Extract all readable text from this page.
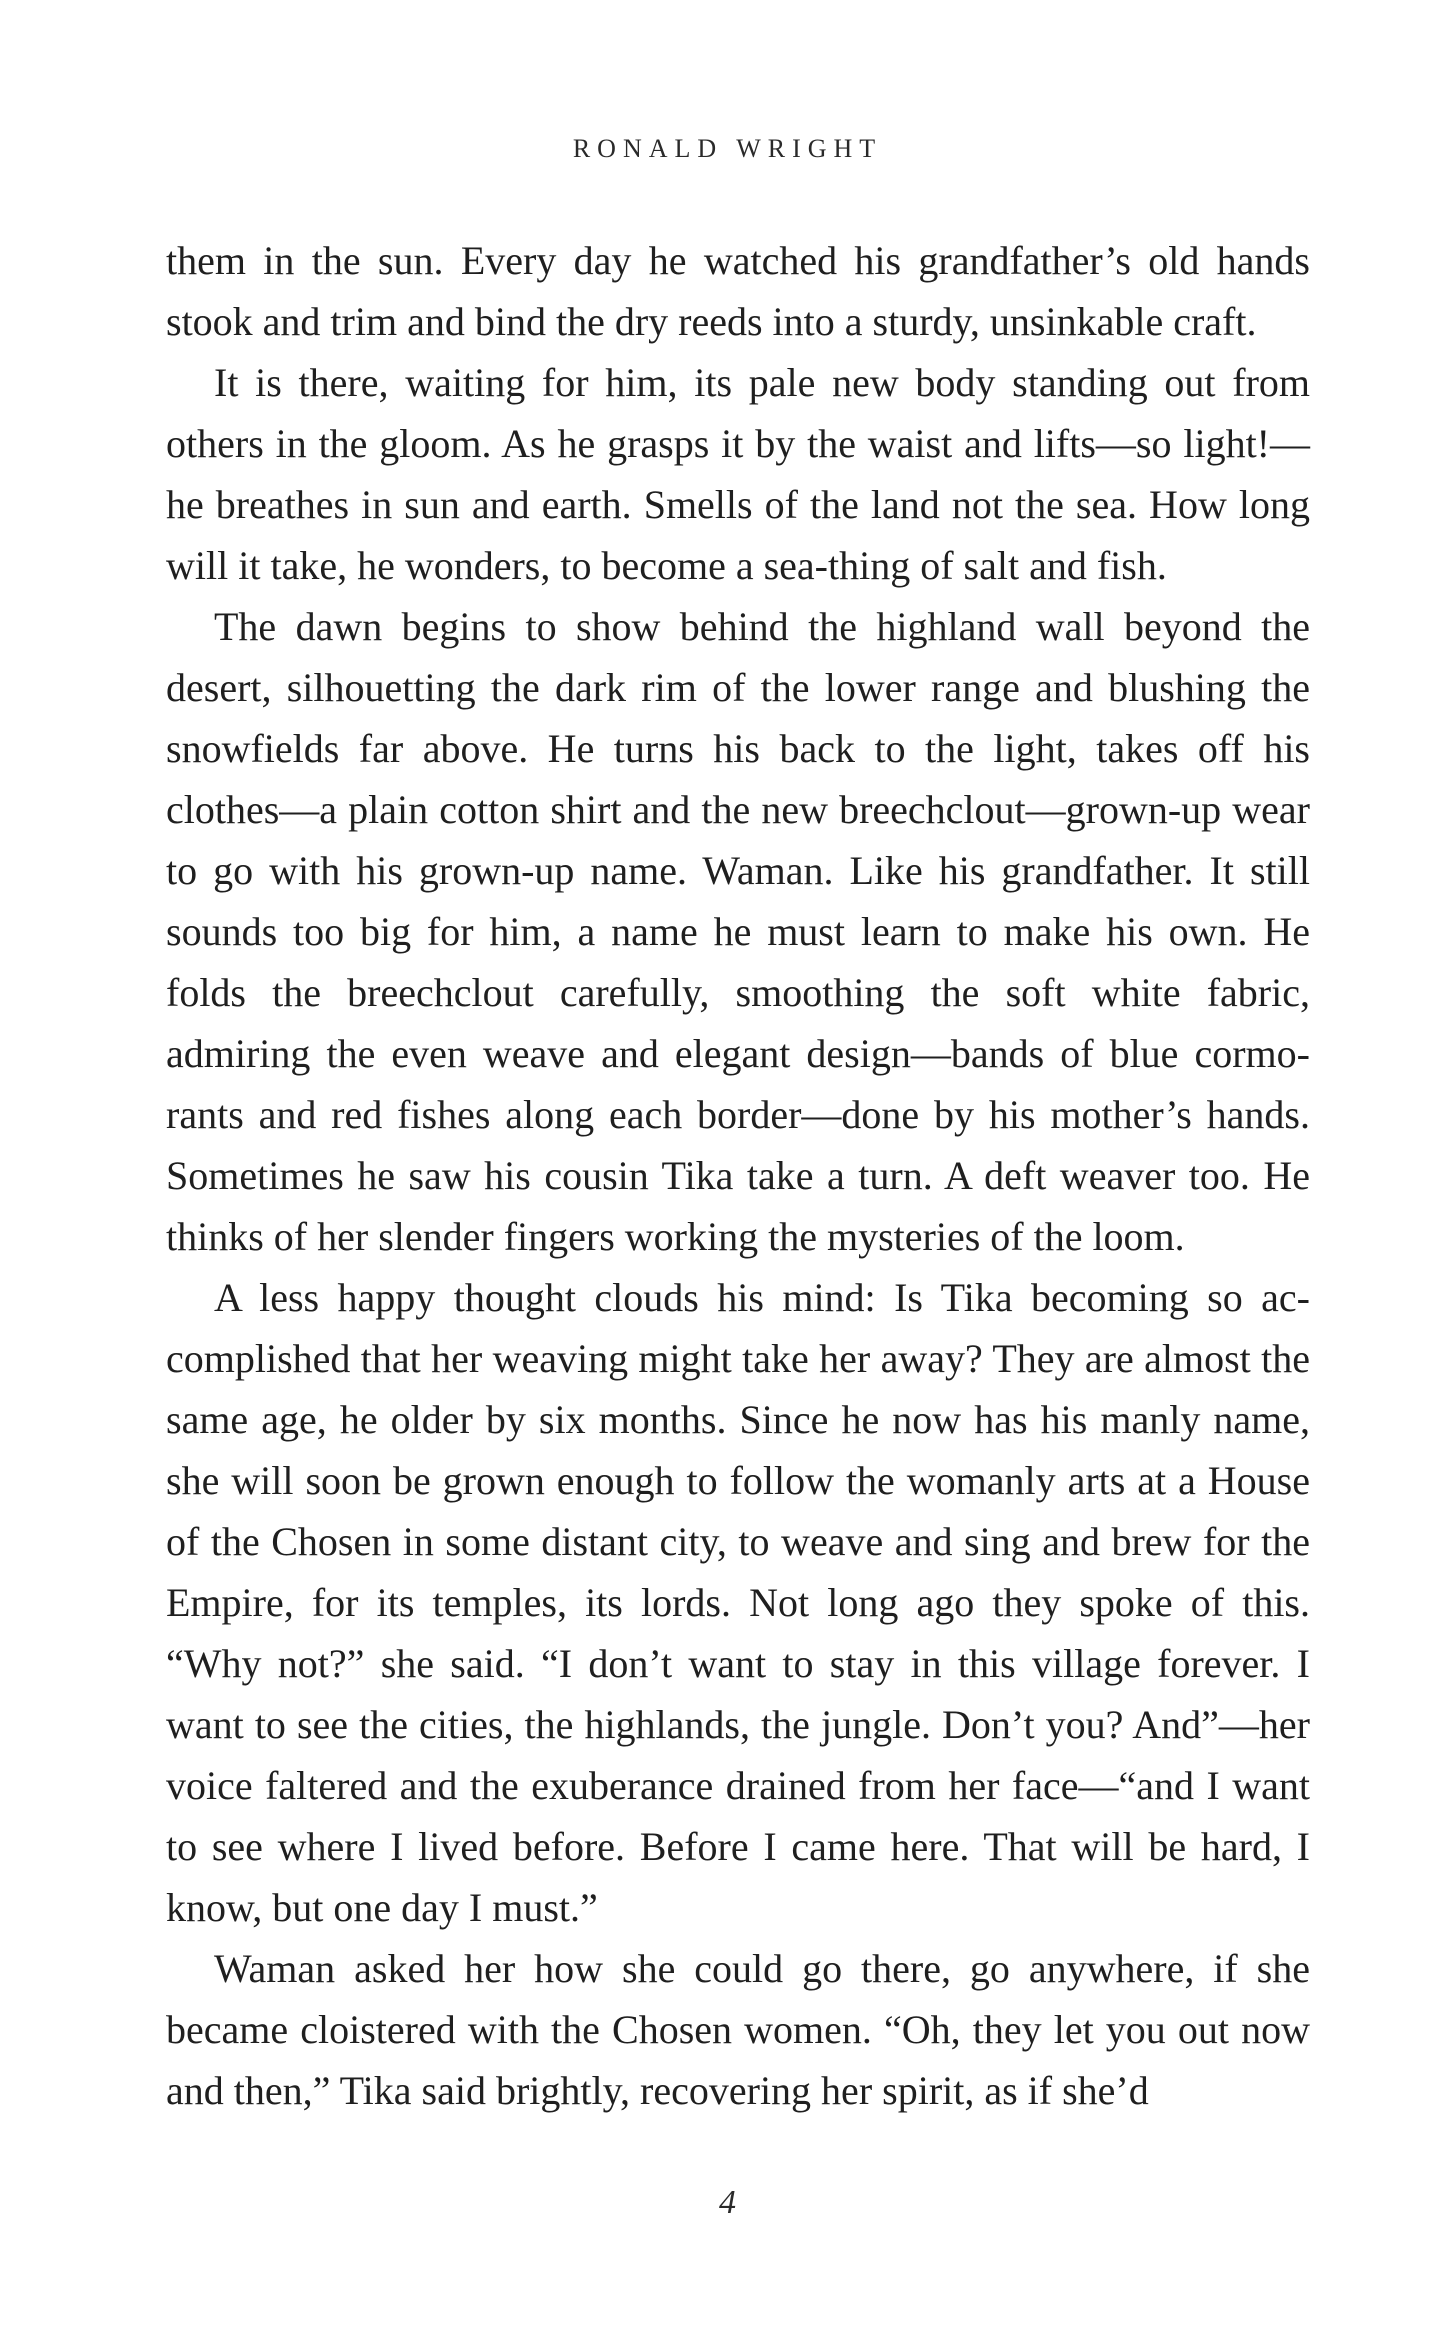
RONALD WRIGHT

them in the sun. Every day he watched his grandfather’s old hands stook and trim and bind the dry reeds into a sturdy, unsinkable craft.

It is there, waiting for him, its pale new body standing out from others in the gloom. As he grasps it by the waist and lifts—so light!—he breathes in sun and earth. Smells of the land not the sea. How long will it take, he wonders, to become a sea-thing of salt and fish.

The dawn begins to show behind the highland wall beyond the desert, silhouetting the dark rim of the lower range and blushing the snowfields far above. He turns his back to the light, takes off his clothes—a plain cotton shirt and the new breechclout—grown-up wear to go with his grown-up name. Waman. Like his grandfather. It still sounds too big for him, a name he must learn to make his own. He folds the breechclout carefully, smoothing the soft white fabric, admiring the even weave and elegant design—bands of blue cormorants and red fishes along each border—done by his mother’s hands. Sometimes he saw his cousin Tika take a turn. A deft weaver too. He thinks of her slender fingers working the mysteries of the loom.

A less happy thought clouds his mind: Is Tika becoming so accomplished that her weaving might take her away? They are almost the same age, he older by six months. Since he now has his manly name, she will soon be grown enough to follow the womanly arts at a House of the Chosen in some distant city, to weave and sing and brew for the Empire, for its temples, its lords. Not long ago they spoke of this. “Why not?” she said. “I don’t want to stay in this village forever. I want to see the cities, the highlands, the jungle. Don’t you? And”—her voice faltered and the exuberance drained from her face—“and I want to see where I lived before. Before I came here. That will be hard, I know, but one day I must.”

Waman asked her how she could go there, go anywhere, if she became cloistered with the Chosen women. “Oh, they let you out now and then,” Tika said brightly, recovering her spirit, as if she’d

4
